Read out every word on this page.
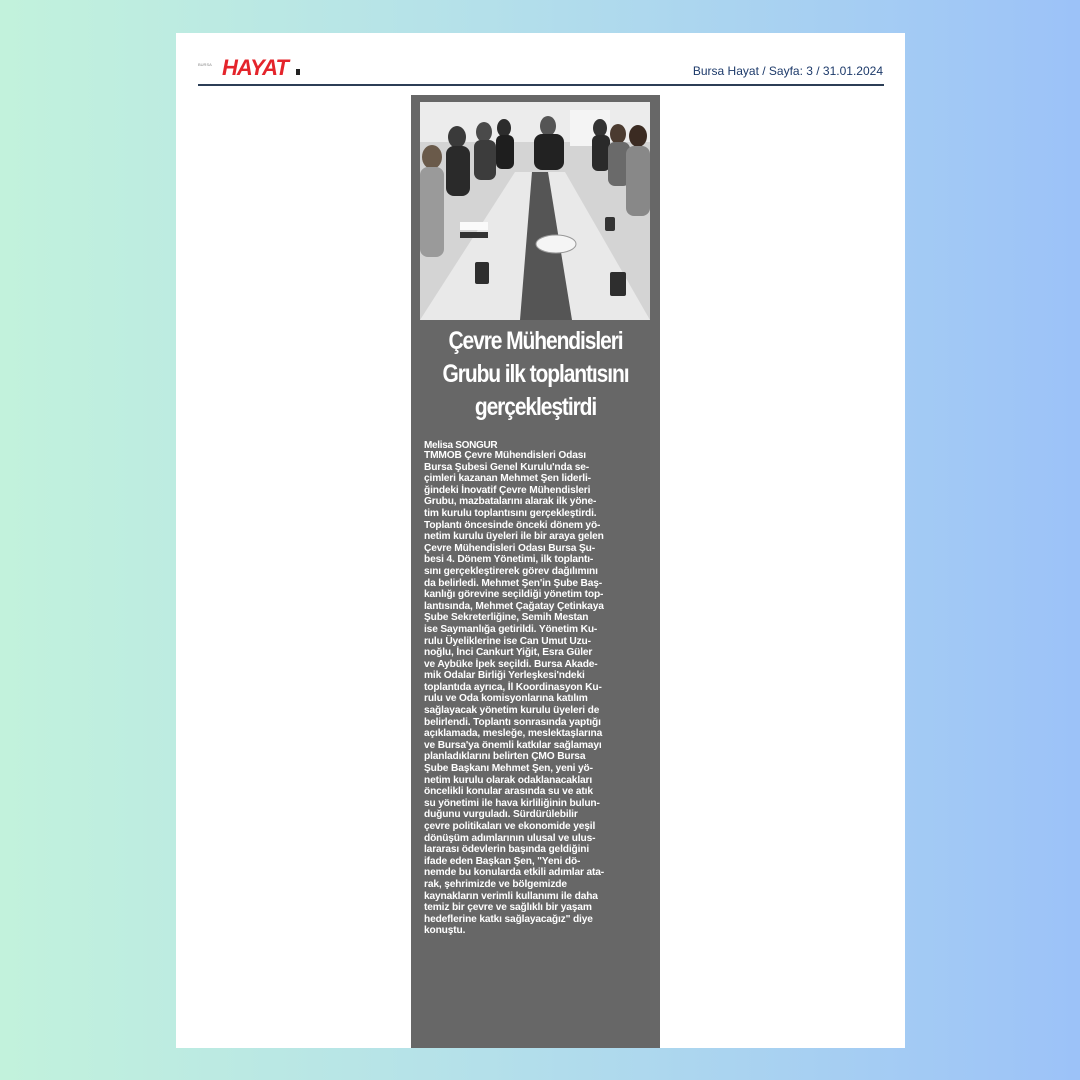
BURSA HAYAT	Bursa Hayat / Sayfa: 3 / 31.01.2024
Çevre Mühendisleri
Grubu ilk toplantısını
gerçekleştirdi
Melisa SONGUR
TMMOB Çevre Mühendisleri Odası
Bursa Şubesi Genel Kurulu'nda se-
çimleri kazanan Mehmet Şen liderli-
ğindeki İnovatif Çevre Mühendisleri
Grubu, mazbatalarını alarak ilk yöne-
tim kurulu toplantısını gerçekleştirdi.
Toplantı öncesinde önceki dönem yö-
netim kurulu üyeleri ile bir araya gelen
Çevre Mühendisleri Odası Bursa Şu-
besi 4. Dönem Yönetimi, ilk toplantı-
sını gerçekleştirerek görev dağılımını
da belirledi. Mehmet Şen'in Şube Baş-
kanlığı görevine seçildiği yönetim top-
lantısında, Mehmet Çağatay Çetinkaya
Şube Sekreterliğine, Semih Mestan
ise Saymanlığa getirildi. Yönetim Ku-
rulu Üyeliklerine ise Can Umut Uzu-
noğlu, İnci Cankurt Yiğit, Esra Güler
ve Aybüke İpek seçildi. Bursa Akade-
mik Odalar Birliği Yerleşkesi'ndeki
toplantıda ayrıca, İl Koordinasyon Ku-
rulu ve Oda komisyonlarına katılım
sağlayacak yönetim kurulu üyeleri de
belirlendi. Toplantı sonrasında yaptığı
açıklamada, mesleğe, meslektaşlarına
ve Bursa'ya önemli katkılar sağlamayı
planladıklarını belirten ÇMO Bursa
Şube Başkanı Mehmet Şen, yeni yö-
netim kurulu olarak odaklanacakları
öncelikli konular arasında su ve atık
su yönetimi ile hava kirliliğinin bulun-
duğunu vurguladı. Sürdürülebilir
çevre politikaları ve ekonomide yeşil
dönüşüm adımlarının ulusal ve ulus-
lararası ödevlerin başında geldiğini
ifade eden Başkan Şen, "Yeni dö-
nemde bu konularda etkili adımlar ata-
rak, şehrimizde ve bölgemizde
kaynakların verimli kullanımı ile daha
temiz bir çevre ve sağlıklı bir yaşam
hedeflerine katkı sağlayacağız" diye
konuştu.
